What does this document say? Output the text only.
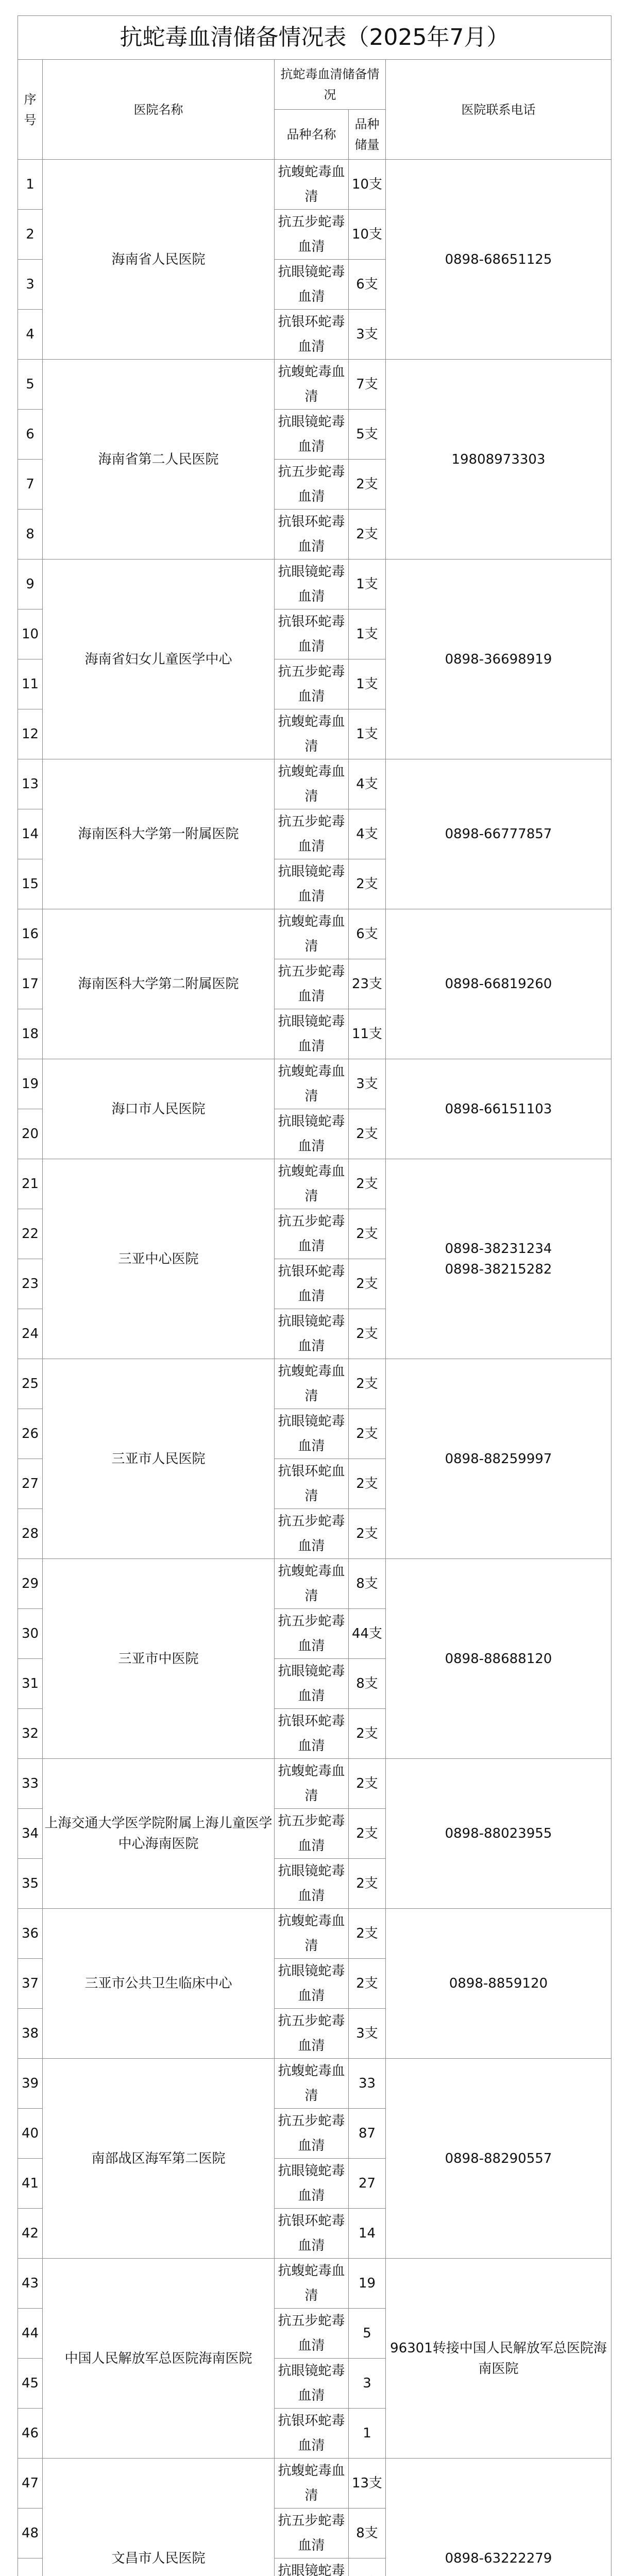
抗蛇毒血清储备情况表（2025年7月）				
序号	医院名称	抗蛇毒血清储备情况		医院联系电话
		品种名称	品种储量	
1	海南省人民医院	抗蝮蛇毒血清	10支	0898-68651125
2		抗五步蛇毒血清	10支	
3		抗眼镜蛇毒血清	6支	
4		抗银环蛇毒血清	3支	
5	海南省第二人民医院	抗蝮蛇毒血清	7支	19808973303
6		抗眼镜蛇毒血清	5支	
7		抗五步蛇毒血清	2支	
8		抗银环蛇毒血清	2支	
9	海南省妇女儿童医学中心	抗眼镜蛇毒血清	1支	0898-36698919
10		抗银环蛇毒血清	1支	
11		抗五步蛇毒血清	1支	
12		抗蝮蛇毒血清	1支	
13	海南医科大学第一附属医院	抗蝮蛇毒血清	4支	0898-66777857
14		抗五步蛇毒血清	4支	
15		抗眼镜蛇毒血清	2支	
16	海南医科大学第二附属医院	抗蝮蛇毒血清	6支	0898-66819260
17		抗五步蛇毒血清	23支	
18		抗眼镜蛇毒血清	11支	
19	海口市人民医院	抗蝮蛇毒血清	3支	0898-66151103
20		抗眼镜蛇毒血清	2支	
21	三亚中心医院	抗蝮蛇毒血清	2支	0898-38231234
0898-38215282
22		抗五步蛇毒血清	2支	
23		抗银环蛇毒血清	2支	
24		抗眼镜蛇毒血清	2支	
25	三亚市人民医院	抗蝮蛇毒血清	2支	0898-88259997
26		抗眼镜蛇毒血清	2支	
27		抗银环蛇血清	2支	
28		抗五步蛇毒血清	2支	
29	三亚市中医院	抗蝮蛇毒血清	8支	0898-88688120
30		抗五步蛇毒血清	44支	
31		抗眼镜蛇毒血清	8支	
32		抗银环蛇毒血清	2支	
33	上海交通大学医学院附属上海儿童医学中心海南医院	抗蝮蛇毒血清	2支	0898-88023955
34		抗五步蛇毒血清	2支	
35		抗眼镜蛇毒血清	2支	
36	三亚市公共卫生临床中心	抗蝮蛇毒血清	2支	0898-8859120
37		抗眼镜蛇毒血清	2支	
38		抗五步蛇毒血清	3支	
39	南部战区海军第二医院	抗蝮蛇毒血清	33	0898-88290557
40		抗五步蛇毒血清	87	
41		抗眼镜蛇毒血清	27	
42		抗银环蛇毒血清	14	
43	中国人民解放军总医院海南医院	抗蝮蛇毒血清	19	96301转接中国人民解放军总医院海南医院
44		抗五步蛇毒血清	5	
45		抗眼镜蛇毒血清	3	
46		抗银环蛇毒血清	1	
47	文昌市人民医院	抗蝮蛇毒血清	13支	0898-63222279
48		抗五步蛇毒血清	8支	
	抗眼镜蛇毒	
